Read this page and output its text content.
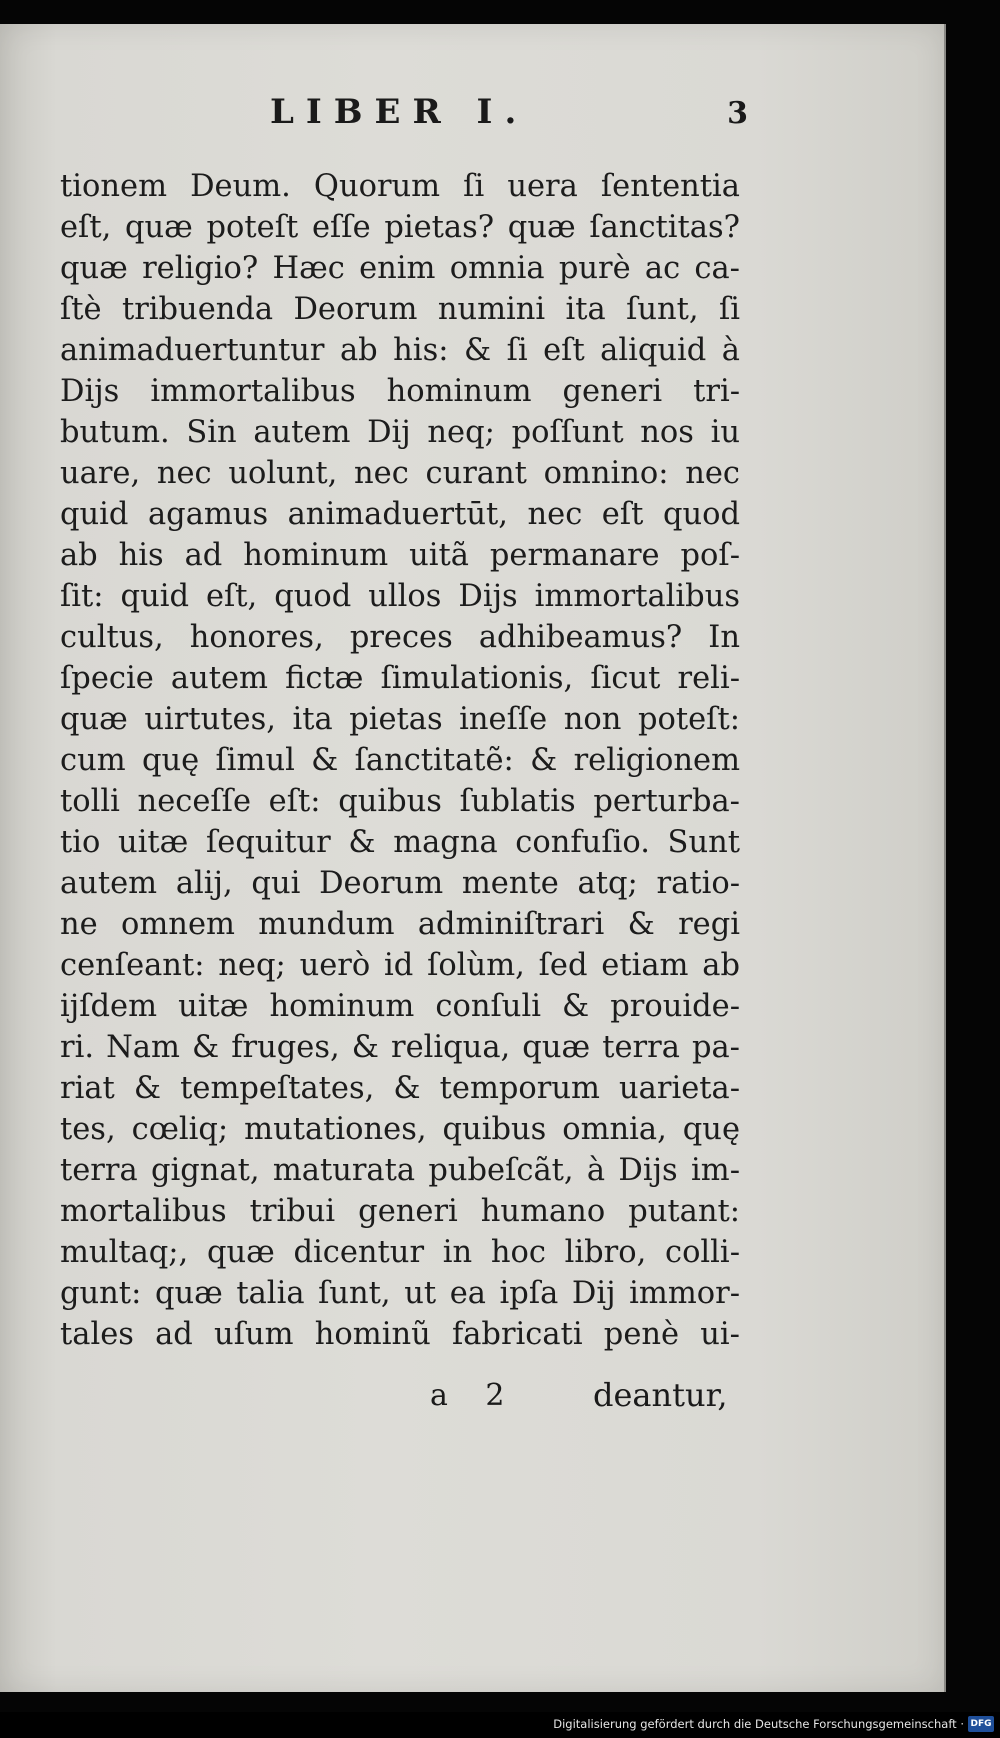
LIBER I.	3
tionem Deum. Quorum ſi uera ſententia
eſt, quæ poteſt eſſe pietas? quæ ſanctitas?
quæ religio? Hæc enim omnia purè ac ca-
ſtè tribuenda Deorum numini ita ſunt, ſi
animaduertuntur ab his: & ſi eſt aliquid à
Dijs immortalibus hominum generi tri-
butum. Sin autem Dij neq; poſſunt nos iu
uare, nec uolunt, nec curant omnino: nec
quid agamus animaduertūt, nec eſt quod
ab his ad hominum uitã permanare poſ-
ſit: quid eſt, quod ullos Dijs immortalibus
cultus, honores, preces adhibeamus? In
ſpecie autem fictæ ſimulationis, ſicut reli-
quæ uirtutes, ita pietas ineſſe non poteſt:
cum quę ſimul & ſanctitatẽ: & religionem
tolli neceſſe eſt: quibus ſublatis perturba-
tio uitæ ſequitur & magna confuſio. Sunt
autem alij, qui Deorum mente atq; ratio-
ne omnem mundum adminiſtrari & regi
cenſeant: neq; uerò id ſolùm, ſed etiam ab
ijſdem uitæ hominum conſuli & prouide-
ri. Nam & fruges, & reliqua, quæ terra pa-
riat & tempeſtates, & temporum uarieta-
tes, cœliq; mutationes, quibus omnia, quę
terra gignat, maturata pubeſcãt, à Dijs im-
mortalibus tribui generi humano putant:
multaq;, quæ dicentur in hoc libro, colli-
gunt: quæ talia ſunt, ut ea ipſa Dij immor-
tales ad uſum hominũ fabricati penè ui-
a 2 deantur,
Digitalisierung gefördert durch die Deutsche Forschungsgemeinschaft · DFG
